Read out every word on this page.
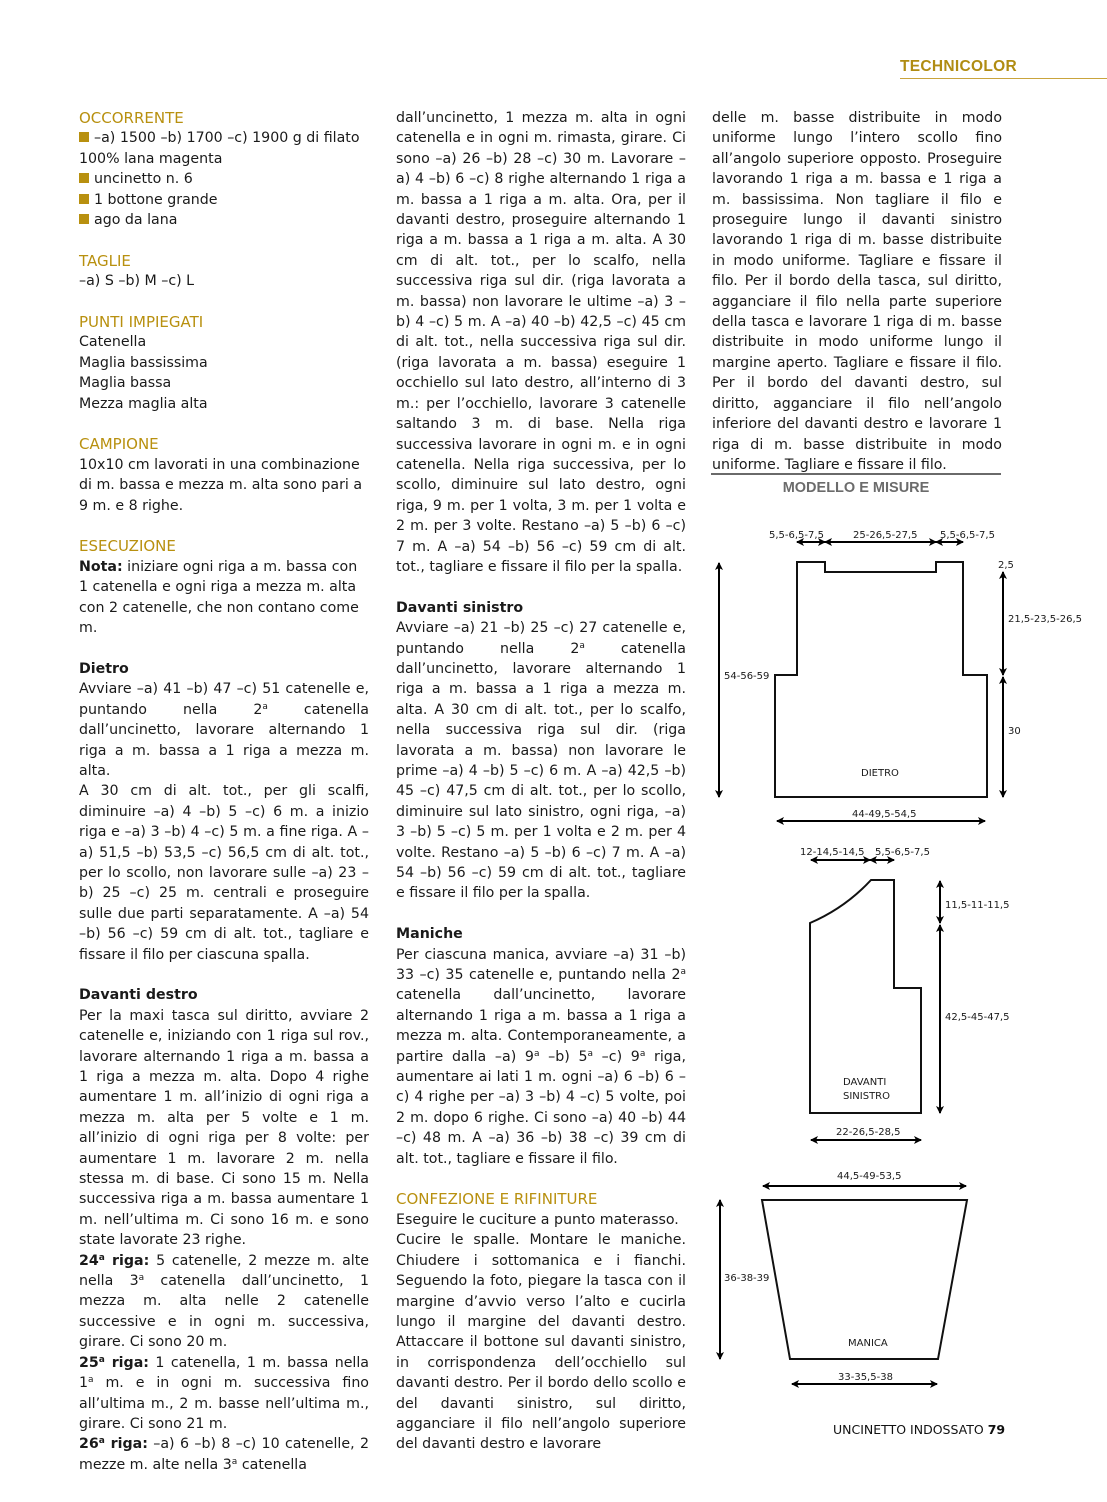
TECHNICOLOR
OCCORRENTE

–a) 1500 –b) 1700 –c) 1900 g di filato 100% lana magenta

uncinetto n. 6

1 bottone grande

ago da lana

TAGLIE

–a) S –b) M –c) L

PUNTI IMPIEGATI

Catenella

Maglia bassissima

Maglia bassa

Mezza maglia alta

CAMPIONE

10x10 cm lavorati in una combinazione di m. bassa e mezza m. alta sono pari a 9 m. e 8 righe.

ESECUZIONE

Nota: iniziare ogni riga a m. bassa con 1 catenella e ogni riga a mezza m. alta con 2 catenelle, che non contano come m.

Dietro

Avviare –a) 41 –b) 47 –c) 51 catenelle e, puntando nella 2$^a$ catenella dall’uncinetto, lavorare alternando 1 riga a m. bassa a 1 riga a mezza m. alta.

A 30 cm di alt. tot., per gli scalfi, diminuire –a) 4 –b) 5 –c) 6 m. a inizio riga e –a) 3 –b) 4 –c) 5 m. a fine riga. A –a) 51,5 –b) 53,5 –c) 56,5 cm di alt. tot., per lo scollo, non lavorare sulle –a) 23 –b) 25 –c) 25 m. centrali e proseguire sulle due parti separatamente. A –a) 54 –b) 56 –c) 59 cm di alt. tot., tagliare e fissare il filo per ciascuna spalla.

Davanti destro

Per la maxi tasca sul diritto, avviare 2 catenelle e, iniziando con 1 riga sul rov., lavorare alternando 1 riga a m. bassa a 1 riga a mezza m. alta. Dopo 4 righe aumentare 1 m. all’inizio di ogni riga a mezza m. alta per 5 volte e 1 m. all’inizio di ogni riga per 8 volte: per aumentare 1 m. lavorare 2 m. nella stessa m. di base. Ci sono 15 m. Nella successiva riga a m. bassa aumentare 1 m. nell’ultima m. Ci sono 16 m. e sono state lavorate 23 righe.

24$^a$ riga: 5 catenelle, 2 mezze m. alte nella 3$^a$ catenella dall’uncinetto, 1 mezza m. alta nelle 2 catenelle successive e in ogni m. successiva, girare. Ci sono 20 m.

25$^a$ riga: 1 catenella, 1 m. bassa nella 1$^a$ m. e in ogni m. successiva fino all’ultima m., 2 m. basse nell’ultima m., girare. Ci sono 21 m.

26$^a$ riga: –a) 6 –b) 8 –c) 10 catenelle, 2 mezze m. alte nella 3$^a$ catenella

dall’uncinetto, 1 mezza m. alta in ogni catenella e in ogni m. rimasta, girare. Ci sono –a) 26 –b) 28 –c) 30 m. Lavorare –a) 4 –b) 6 –c) 8 righe alternando 1 riga a m. bassa a 1 riga a m. alta. Ora, per il davanti destro, proseguire alternando 1 riga a m. bassa a 1 riga a m. alta. A 30 cm di alt. tot., per lo scalfo, nella successiva riga sul dir. (riga lavorata a m. bassa) non lavorare le ultime –a) 3 –b) 4 –c) 5 m. A –a) 40 –b) 42,5 –c) 45 cm di alt. tot., nella successiva riga sul dir. (riga lavorata a m. bassa) eseguire 1 occhiello sul lato destro, all’interno di 3 m.: per l’occhiello, lavorare 3 catenelle saltando 3 m. di base. Nella riga successiva lavorare in ogni m. e in ogni catenella. Nella riga successiva, per lo scollo, diminuire sul lato destro, ogni riga, 9 m. per 1 volta, 3 m. per 1 volta e 2 m. per 3 volte. Restano –a) 5 –b) 6 –c) 7 m. A –a) 54 –b) 56 –c) 59 cm di alt. tot., tagliare e fissare il filo per la spalla.

Davanti sinistro

Avviare –a) 21 –b) 25 –c) 27 catenelle e, puntando nella 2$^a$ catenella dall’uncinetto, lavorare alternando 1 riga a m. bassa a 1 riga a mezza m. alta. A 30 cm di alt. tot., per lo scalfo, nella successiva riga sul dir. (riga lavorata a m. bassa) non lavorare le prime –a) 4 –b) 5 –c) 6 m. A –a) 42,5 –b) 45 –c) 47,5 cm di alt. tot., per lo scollo, diminuire sul lato sinistro, ogni riga, –a) 3 –b) 5 –c) 5 m. per 1 volta e 2 m. per 4 volte. Restano –a) 5 –b) 6 –c) 7 m. A –a) 54 –b) 56 –c) 59 cm di alt. tot., tagliare e fissare il filo per la spalla.

Maniche

Per ciascuna manica, avviare –a) 31 –b) 33 –c) 35 catenelle e, puntando nella 2$^a$ catenella dall’uncinetto, lavorare alternando 1 riga a m. bassa a 1 riga a mezza m. alta. Contemporaneamente, a partire dalla –a) 9$^a$ –b) 5$^a$ –c) 9$^a$ riga, aumentare ai lati 1 m. ogni –a) 6 –b) 6 –c) 4 righe per –a) 3 –b) 4 –c) 5 volte, poi 2 m. dopo 6 righe. Ci sono –a) 40 –b) 44 –c) 48 m. A –a) 36 –b) 38 –c) 39 cm di alt. tot., tagliare e fissare il filo.

CONFEZIONE E RIFINITURE

Eseguire le cuciture a punto materasso.

Cucire le spalle. Montare le maniche. Chiudere i sottomanica e i fianchi. Seguendo la foto, piegare la tasca con il margine d’avvio verso l’alto e cucirla lungo il margine del davanti destro. Attaccare il bottone sul davanti sinistro, in corrispondenza dell’occhiello sul davanti destro. Per il bordo dello scollo e del davanti sinistro, sul diritto, agganciare il filo nell’angolo superiore del davanti destro e lavorare

delle m. basse distribuite in modo uniforme lungo l’intero scollo fino all’angolo superiore opposto. Proseguire lavorando 1 riga a m. bassa e 1 riga a m. bassissima. Non tagliare il filo e proseguire lungo il davanti sinistro lavorando 1 riga di m. basse distribuite in modo uniforme. Tagliare e fissare il filo. Per il bordo della tasca, sul diritto, agganciare il filo nella parte superiore della tasca e lavorare 1 riga di m. basse distribuite in modo uniforme lungo il margine aperto. Tagliare e fissare il filo. Per il bordo del davanti destro, sul diritto, agganciare il filo nell’angolo inferiore del davanti destro e lavorare 1 riga di m. basse distribuite in modo uniforme. Tagliare e fissare il filo.

MODELLO E MISURE
5,5-6,5-7,5	25-26,5-27,5 5,5-6,5-7,5
2,5
21,5-23,5-26,5
54-56-59
30
DIETRO
44-49,5-54,5
12-14,5-14,5 5,5-6,5-7,5
11,5-11-11,5
42,5-45-47,5
DAVANTI
SINISTRO
22-26,5-28,5
44,5-49-53,5
36-38-39
MANICA
33-35,5-38
UNCINETTO INDOSSATO 79
